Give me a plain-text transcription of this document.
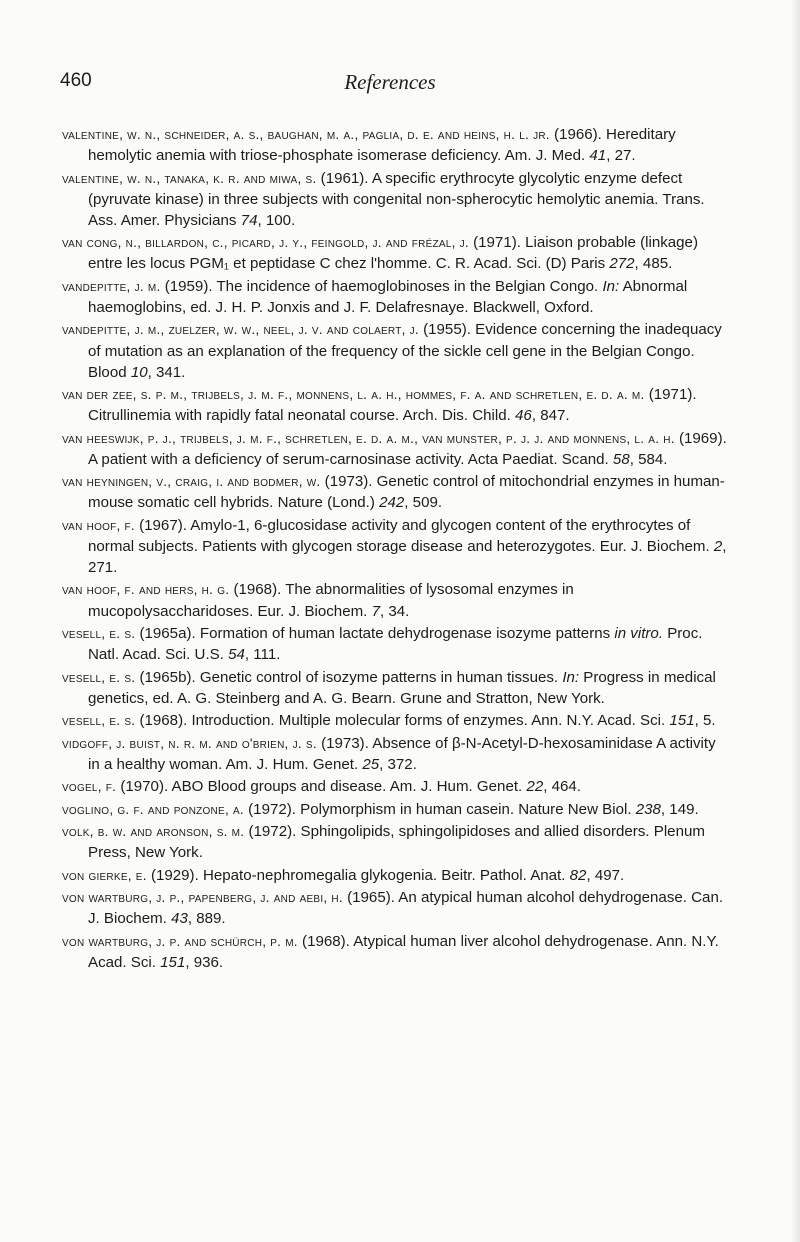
460	References
valentine, w. n., schneider, a. s., baughan, m. a., paglia, d. e. and heins, h. l. jr. (1966). Hereditary hemolytic anemia with triose-phosphate isomerase deficiency. Am. J. Med. 41, 27.
valentine, w. n., tanaka, k. r. and miwa, s. (1961). A specific erythrocyte glycolytic enzyme defect (pyruvate kinase) in three subjects with congenital non-spherocytic hemolytic anemia. Trans. Ass. Amer. Physicians 74, 100.
van cong, n., billardon, c., picard, j. y., feingold, j. and frézal, j. (1971). Liaison probable (linkage) entre les locus PGM₁ et peptidase C chez l'homme. C. R. Acad. Sci. (D) Paris 272, 485.
vandepitte, j. m. (1959). The incidence of haemoglobinoses in the Belgian Congo. In: Abnormal haemoglobins, ed. J. H. P. Jonxis and J. F. Delafresnaye. Blackwell, Oxford.
vandepitte, j. m., zuelzer, w. w., neel, j. v. and colaert, j. (1955). Evidence concerning the inadequacy of mutation as an explanation of the frequency of the sickle cell gene in the Belgian Congo. Blood 10, 341.
van der zee, s. p. m., trijbels, j. m. f., monnens, l. a. h., hommes, f. a. and schretlen, e. d. a. m. (1971). Citrullinemia with rapidly fatal neonatal course. Arch. Dis. Child. 46, 847.
van heeswijk, p. j., trijbels, j. m. f., schretlen, e. d. a. m., van munster, p. j. j. and monnens, l. a. h. (1969). A patient with a deficiency of serum-carnosinase activity. Acta Paediat. Scand. 58, 584.
van heyningen, v., craig, i. and bodmer, w. (1973). Genetic control of mitochondrial enzymes in human-mouse somatic cell hybrids. Nature (Lond.) 242, 509.
van hoof, f. (1967). Amylo-1, 6-glucosidase activity and glycogen content of the erythrocytes of normal subjects. Patients with glycogen storage disease and heterozygotes. Eur. J. Biochem. 2, 271.
van hoof, f. and hers, h. g. (1968). The abnormalities of lysosomal enzymes in mucopolysaccharidoses. Eur. J. Biochem. 7, 34.
vesell, e. s. (1965a). Formation of human lactate dehydrogenase isozyme patterns in vitro. Proc. Natl. Acad. Sci. U.S. 54, 111.
vesell, e. s. (1965b). Genetic control of isozyme patterns in human tissues. In: Progress in medical genetics, ed. A. G. Steinberg and A. G. Bearn. Grune and Stratton, New York.
vesell, e. s. (1968). Introduction. Multiple molecular forms of enzymes. Ann. N.Y. Acad. Sci. 151, 5.
vidgoff, j. buist, n. r. m. and o'brien, j. s. (1973). Absence of β-N-Acetyl-D-hexosaminidase A activity in a healthy woman. Am. J. Hum. Genet. 25, 372.
vogel, f. (1970). ABO Blood groups and disease. Am. J. Hum. Genet. 22, 464.
voglino, g. f. and ponzone, a. (1972). Polymorphism in human casein. Nature New Biol. 238, 149.
volk, b. w. and aronson, s. m. (1972). Sphingolipids, sphingolipidoses and allied disorders. Plenum Press, New York.
von gierke, e. (1929). Hepato-nephromegalia glykogenia. Beitr. Pathol. Anat. 82, 497.
von wartburg, j. p., papenberg, j. and aebi, h. (1965). An atypical human alcohol dehydrogenase. Can. J. Biochem. 43, 889.
von wartburg, j. p. and schürch, p. m. (1968). Atypical human liver alcohol dehydrogenase. Ann. N.Y. Acad. Sci. 151, 936.
